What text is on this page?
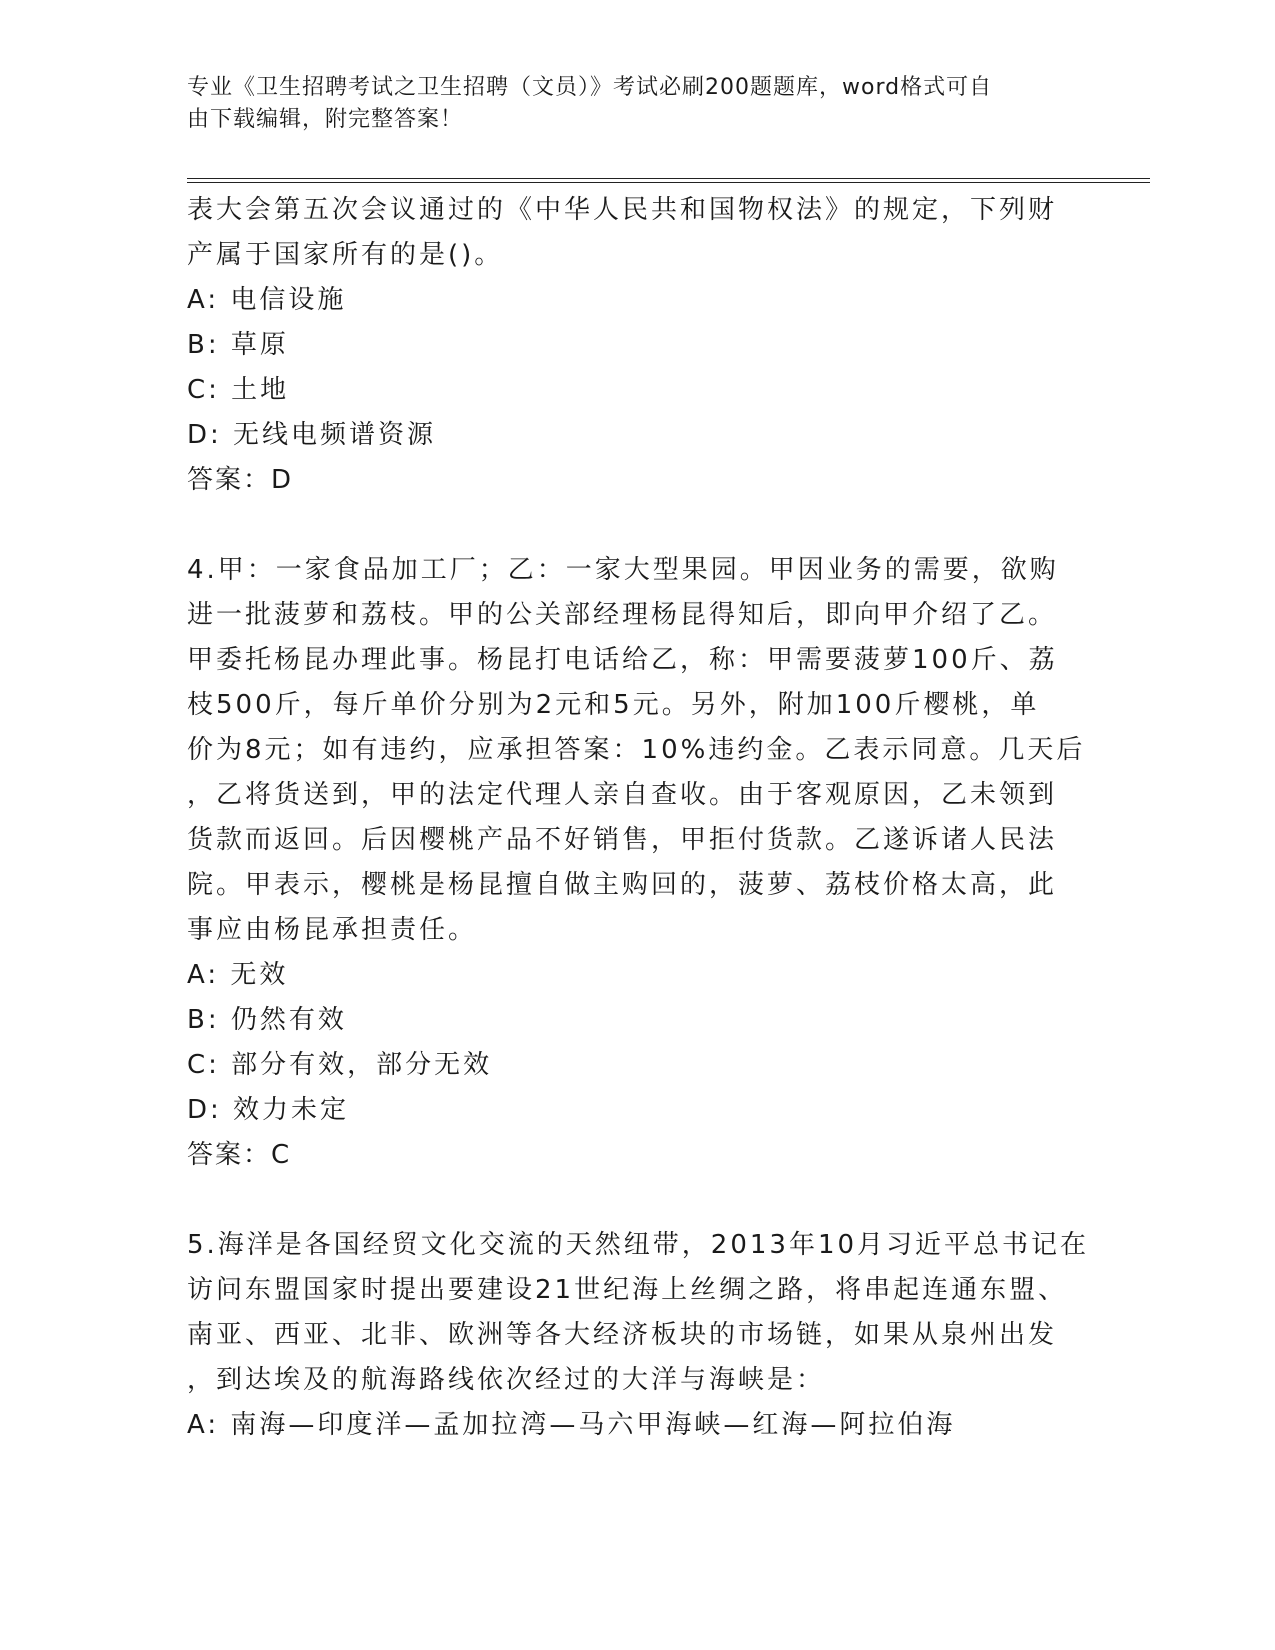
专业《卫生招聘考试之卫生招聘（文员）》考试必刷200题题库，word格式可自
由下载编辑，附完整答案！
表大会第五次会议通过的《中华人民共和国物权法》的规定，下列财
产属于国家所有的是()。
A: 电信设施
B: 草原
C: 土地
D: 无线电频谱资源
答案：D
4.甲：一家食品加工厂；乙：一家大型果园。甲因业务的需要，欲购
进一批菠萝和荔枝。甲的公关部经理杨昆得知后，即向甲介绍了乙。
甲委托杨昆办理此事。杨昆打电话给乙，称：甲需要菠萝100斤、荔
枝500斤，每斤单价分别为2元和5元。另外，附加100斤樱桃，单
价为8元；如有违约，应承担答案：10%违约金。乙表示同意。几天后
，乙将货送到，甲的法定代理人亲自查收。由于客观原因，乙未领到
货款而返回。后因樱桃产品不好销售，甲拒付货款。乙遂诉诸人民法
院。甲表示，樱桃是杨昆擅自做主购回的，菠萝、荔枝价格太高，此
事应由杨昆承担责任。
A: 无效
B: 仍然有效
C: 部分有效，部分无效
D: 效力未定
答案：C
5.海洋是各国经贸文化交流的天然纽带，2013年10月习近平总书记在
访问东盟国家时提出要建设21世纪海上丝绸之路，将串起连通东盟、
南亚、西亚、北非、欧洲等各大经济板块的市场链，如果从泉州出发
，到达埃及的航海路线依次经过的大洋与海峡是：
A: 南海—印度洋—孟加拉湾—马六甲海峡—红海—阿拉伯海
